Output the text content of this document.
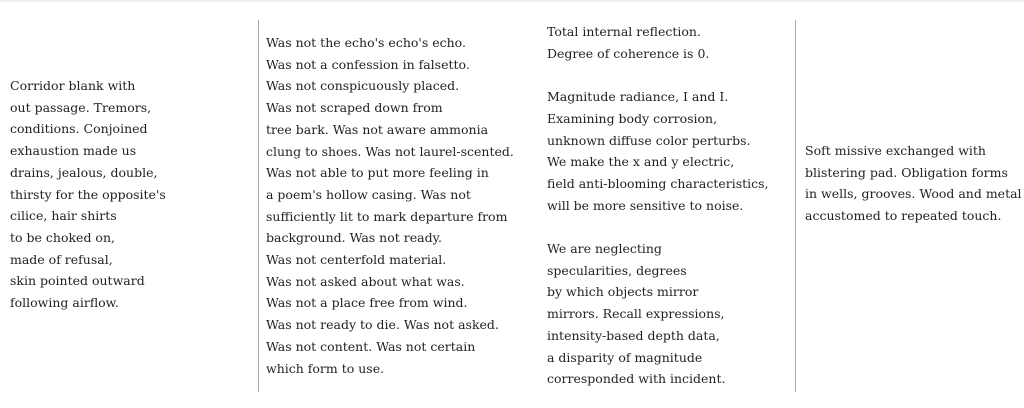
Corridor blank with
out passage. Tremors,
conditions. Conjoined
exhaustion made us
drains, jealous, double,
thirsty for the opposite's
cilice, hair shirts
to be choked on,
made of refusal,
skin pointed outward
following airflow.
Was not the echo's echo's echo.
Was not a confession in falsetto.
Was not conspicuously placed.
Was not scraped down from
tree bark. Was not aware ammonia
clung to shoes. Was not laurel-scented.
Was not able to put more feeling in
a poem's hollow casing. Was not
sufficiently lit to mark departure from
background. Was not ready.
Was not centerfold material.
Was not asked about what was.
Was not a place free from wind.
Was not ready to die. Was not asked.
Was not content. Was not certain
which form to use.
Total internal reflection.
Degree of coherence is 0.
Magnitude radiance, I and I.
Examining body corrosion,
unknown diffuse color perturbs.
We make the x and y electric,
field anti-blooming characteristics,
will be more sensitive to noise.
We are neglecting
specularities, degrees
by which objects mirror
mirrors. Recall expressions,
intensity-based depth data,
a disparity of magnitude
corresponded with incident.
Soft missive exchanged with
blistering pad. Obligation forms
in wells, grooves. Wood and metal
accustomed to repeated touch.
